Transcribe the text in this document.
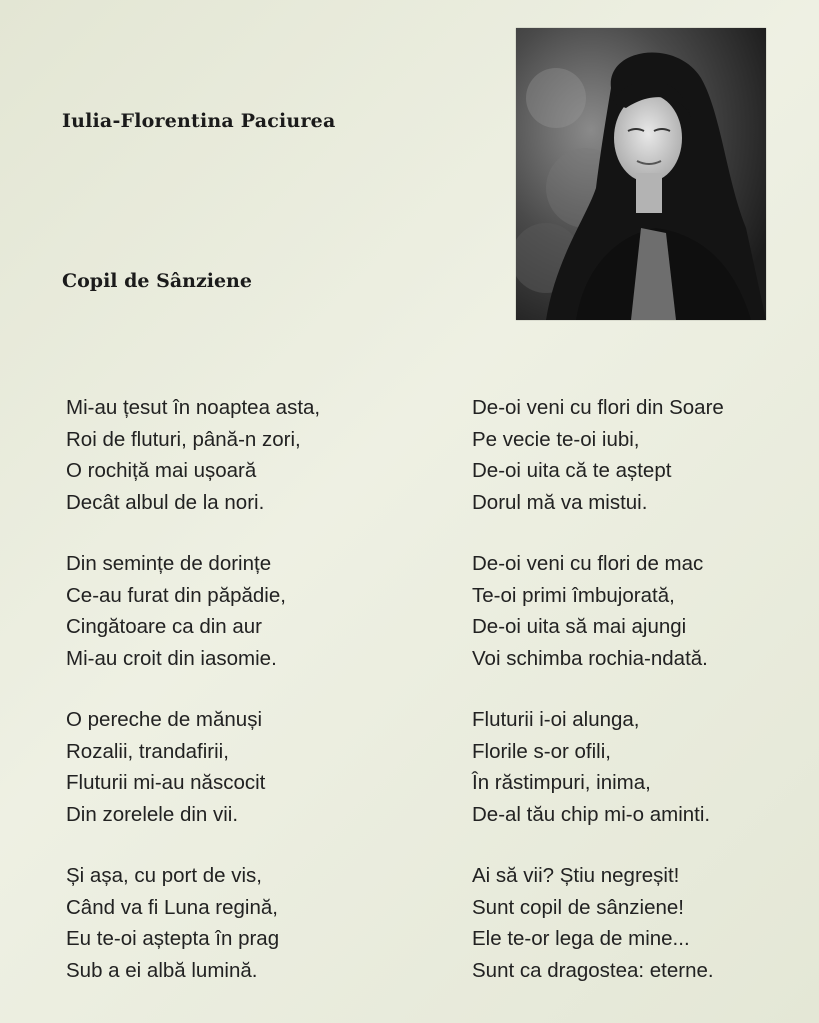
Iulia-Florentina Paciurea
Copil de Sânziene
Mi-au țesut în noaptea asta,
Roi de fluturi, până-n zori,
O rochiță mai ușoară
Decât albul de la nori.
Din semințe de dorințe
Ce-au furat din păpădie,
Cingătoare ca din aur
Mi-au croit din iasomie.
O pereche de mănuși
Rozalii, trandafirii,
Fluturii mi-au născocit
Din zorelele din vii.
Și așa, cu port de vis,
Când va fi Luna regină,
Eu te-oi aștepta în prag
Sub a ei albă lumină.
De-oi veni cu flori din Soare
Pe vecie te-oi iubi,
De-oi uita că te aștept
Dorul mă va mistui.
De-oi veni cu flori de mac
Te-oi primi îmbujorată,
De-oi uita să mai ajungi
Voi schimba rochia-ndată.
Fluturii i-oi alunga,
Florile s-or ofili,
În răstimpuri, inima,
De-al tău chip mi-o aminti.
Ai să vii? Știu negreșit!
Sunt copil de sânziene!
Ele te-or lega de mine...
Sunt ca dragostea: eterne.
